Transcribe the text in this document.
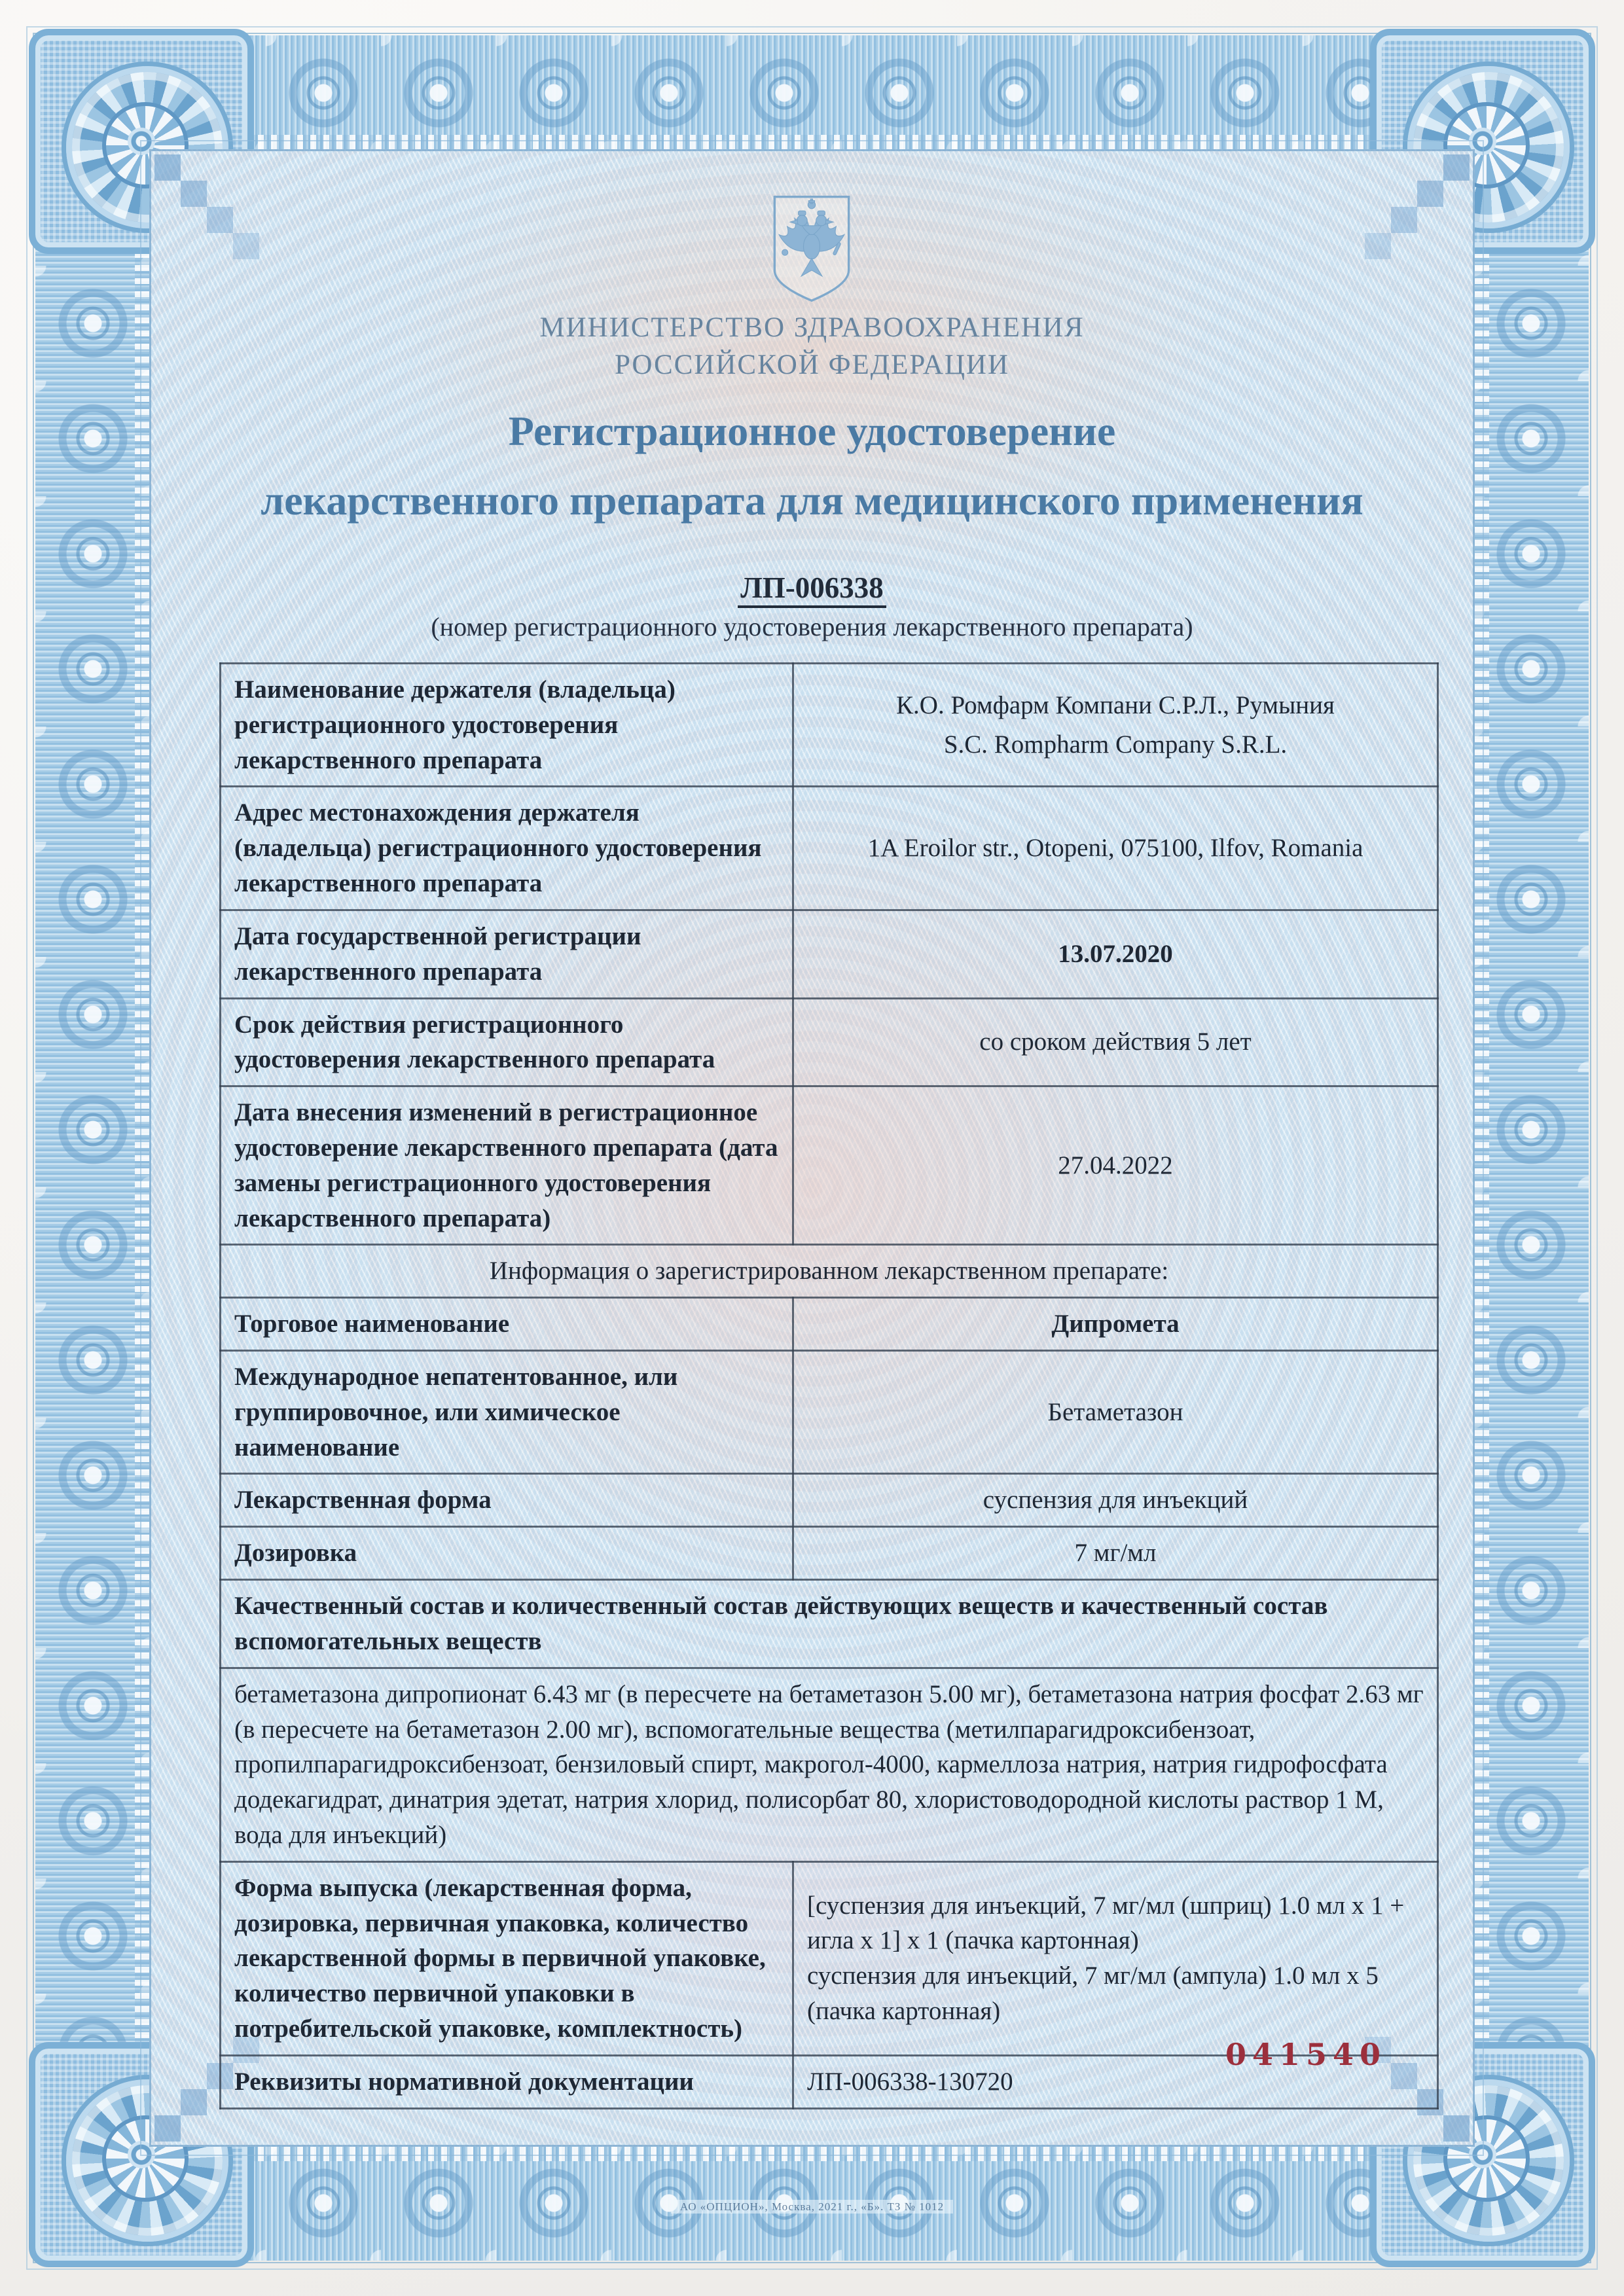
МИНИСТЕРСТВО ЗДРАВООХРАНЕНИЯ
РОССИЙСКОЙ ФЕДЕРАЦИИ
Регистрационное удостоверение
лекарственного препарата для медицинского применения
ЛП-006338
(номер регистрационного удостоверения лекарственного препарата)
Наименование держателя (владельца) регистрационного удостоверения лекарственного препарата	К.О. Ромфарм Компани С.Р.Л., Румыния
S.C. Rompharm Company S.R.L.

Адрес местонахождения держателя (владельца) регистрационного удостоверения лекарственного препарата	1A Eroilor str., Otopeni, 075100, Ilfov, Romania
Дата государственной регистрации лекарственного препарата	13.07.2020
Срок действия регистрационного удостоверения лекарственного препарата	со сроком действия 5 лет
Дата внесения изменений в регистрационное удостоверение лекарственного препарата (дата замены регистрационного удостоверения лекарственного препарата)	27.04.2022
Информация о зарегистрированном лекарственном препарате:	
Торговое наименование	Дипромета
Международное непатентованное, или группировочное, или химическое наименование	Бетаметазон
Лекарственная форма	суспензия для инъекций
Дозировка	7 мг/мл
Качественный состав и количественный состав действующих веществ и качественный состав вспомогательных веществ	
бетаметазона дипропионат 6.43 мг (в пересчете на бетаметазон 5.00 мг), бетаметазона натрия фосфат 2.63 мг (в пересчете на бетаметазон 2.00 мг), вспомогательные вещества (метилпарагидроксибензоат, пропилпарагидроксибензоат, бензиловый спирт, макрогол-4000, кармеллоза натрия, натрия гидрофосфата додекагидрат, динатрия эдетат, натрия хлорид, полисорбат 80, хлористоводородной кислоты раствор 1 М, вода для инъекций)	
Форма выпуска (лекарственная форма, дозировка, первичная упаковка, количество лекарственной формы в первичной упаковке, количество первичной упаковки в потребительской упаковке, комплектность)	[суспензия для инъекций, 7 мг/мл (шприц) 1.0 мл x 1 + игла x 1] x 1 (пачка картонная)
суспензия для инъекций, 7 мг/мл (ампула) 1.0 мл x 5 (пачка картонная)

Реквизиты нормативной документации	ЛП-006338-130720
041540
АО «ОПЦИОН», Москва, 2021 г., «Б». ТЗ № 1012
